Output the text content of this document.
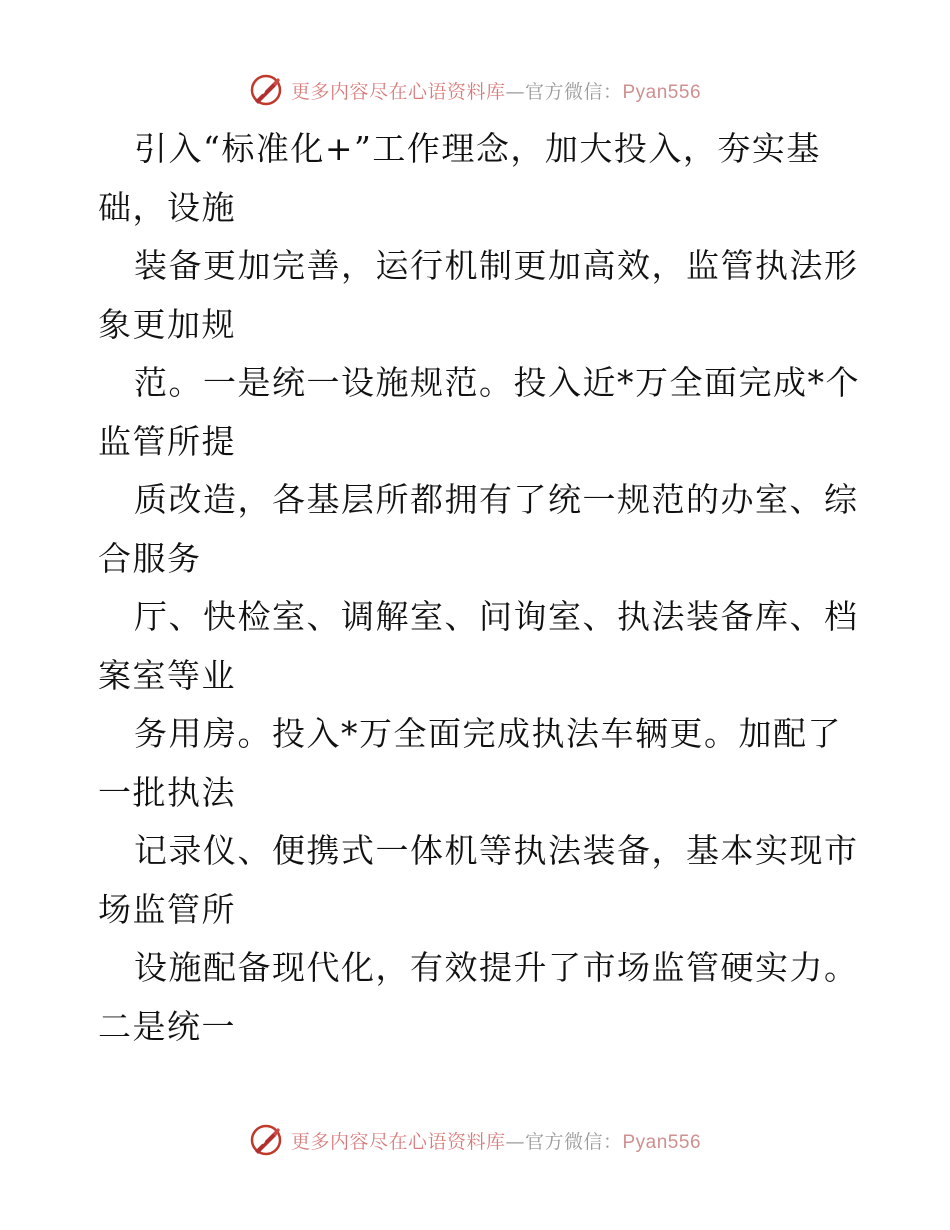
更多内容尽在心语资料库—官方微信：Pyan556
引入“标准化+”工作理念，加大投入，夯实基
础，设施
装备更加完善，运行机制更加高效，监管执法形
象更加规
范。一是统一设施规范。投入近*万全面完成*个
监管所提
质改造，各基层所都拥有了统一规范的办室、综
合服务
厅、快检室、调解室、问询室、执法装备库、档
案室等业
务用房。投入*万全面完成执法车辆更。加配了
一批执法
记录仪、便携式一体机等执法装备，基本实现市
场监管所
设施配备现代化，有效提升了市场监管硬实力。
二是统一
更多内容尽在心语资料库—官方微信：Pyan556
